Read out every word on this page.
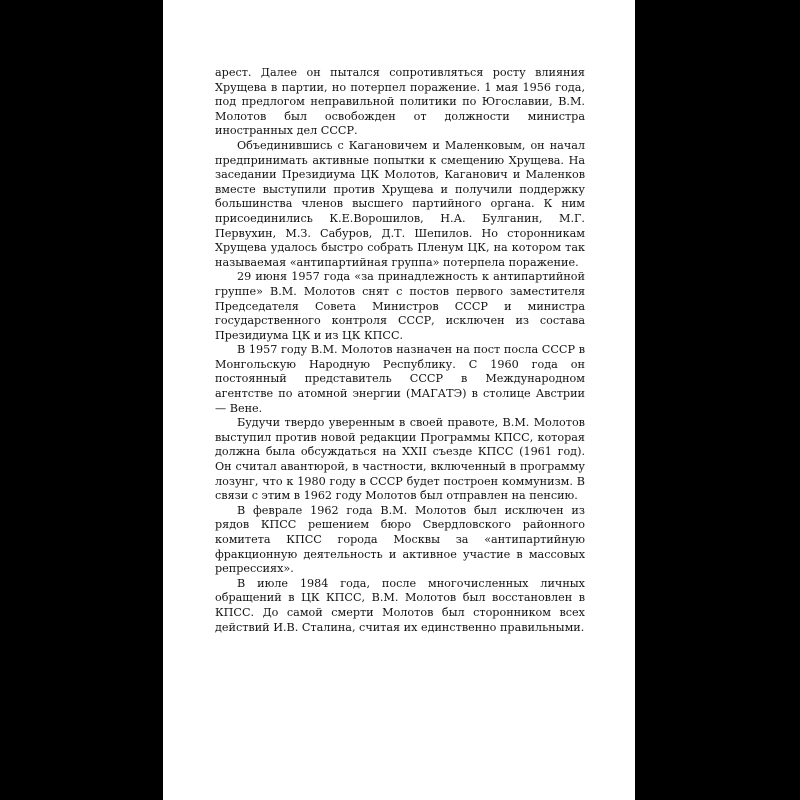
арест. Далее он пытался сопротивляться росту влияния Хрущева в партии, но потерпел поражение. 1 мая 1956 года, под предлогом неправильной политики по Югославии, В.М. Молотов был освобожден от должности министра иностранных дел СССР.

Объединившись с Кагановичем и Маленковым, он начал предпринимать активные попытки к смещению Хрущева. На заседании Президиума ЦК Молотов, Каганович и Маленков вместе выступили против Хрущева и получили поддержку большинства членов высшего партийного органа. К ним присоединились К.Е.Ворошилов, Н.А. Булганин, М.Г. Первухин, М.З. Сабуров, Д.Т. Шепилов. Но сторонникам Хрущева удалось быстро собрать Пленум ЦК, на котором так называемая «антипартийная группа» потерпела поражение.

29 июня 1957 года «за принадлежность к антипартийной группе» В.М. Молотов снят с постов первого заместителя Председателя Совета Министров СССР и министра государственного контроля СССР, исключен из состава Президиума ЦК и из ЦК КПСС.

В 1957 году В.М. Молотов назначен на пост посла СССР в Монгольскую Народную Республику. С 1960 года он постоянный представитель СССР в Международном агентстве по атомной энергии (МАГАТЭ) в столице Австрии — Вене.

Будучи твердо уверенным в своей правоте, В.М. Молотов выступил против новой редакции Программы КПСС, которая должна была обсуждаться на XXII съезде КПСС (1961 год). Он считал авантюрой, в частности, включенный в программу лозунг, что к 1980 году в СССР будет построен коммунизм. В связи с этим в 1962 году Молотов был отправлен на пенсию.

В феврале 1962 года В.М. Молотов был исключен из рядов КПСС решением бюро Свердловского районного комитета КПСС города Москвы за «антипартийную фракционную деятельность и активное участие в массовых репрессиях».

В июле 1984 года, после многочисленных личных обращений в ЦК КПСС, В.М. Молотов был восстановлен в КПСС. До самой смерти Молотов был сторонником всех действий И.В. Сталина, считая их единственно правильными.
